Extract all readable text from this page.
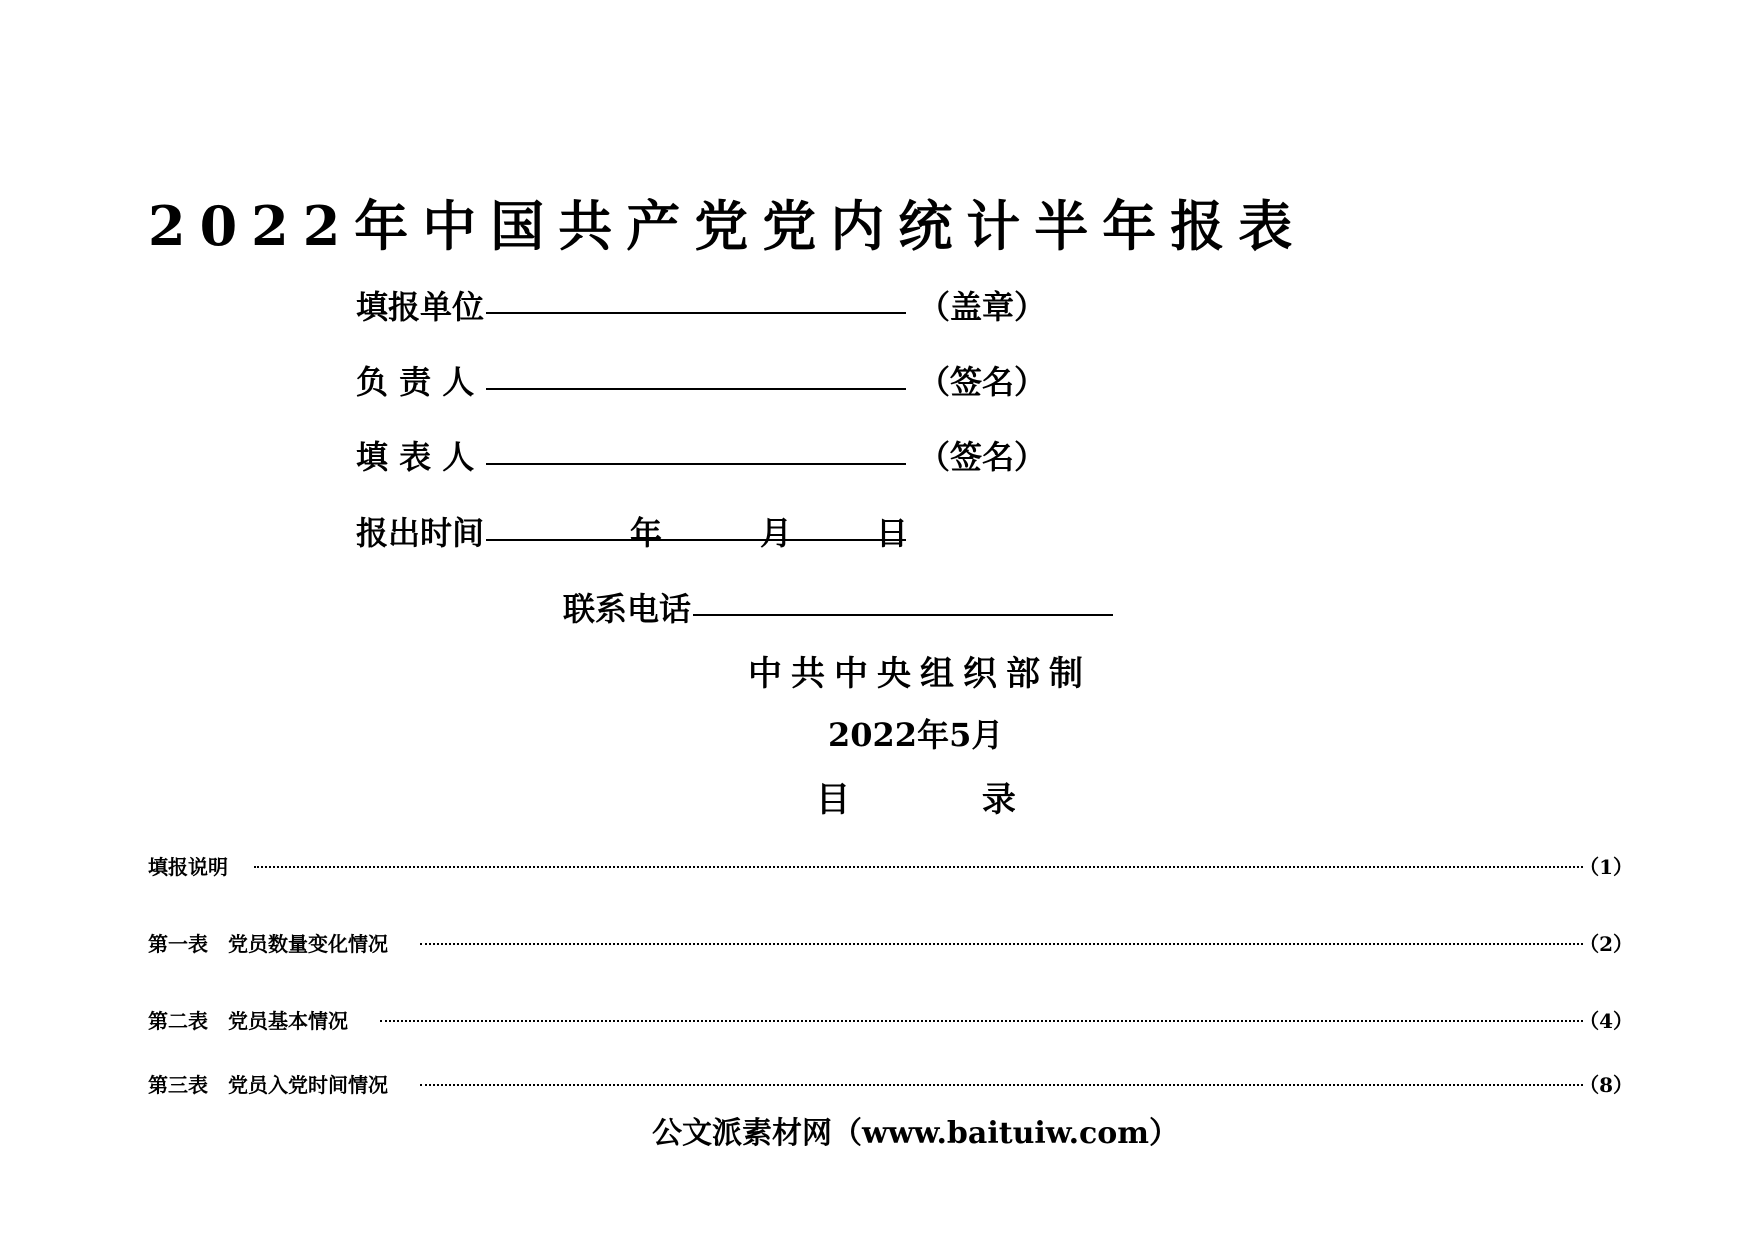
2022年中国共产党党内统计半年报表
填报单位	（盖章）
负 责 人	（签名）
填 表 人	（签名）
报出时间	年	月	日
联系电话
中共中央组织部制
2022年5月
目 录
填报说明	（1）
第一表　党员数量变化情况	（2）
第二表　党员基本情况	（4）
第三表　党员入党时间情况	（8）
公文派素材网（www.baituiw.com）
